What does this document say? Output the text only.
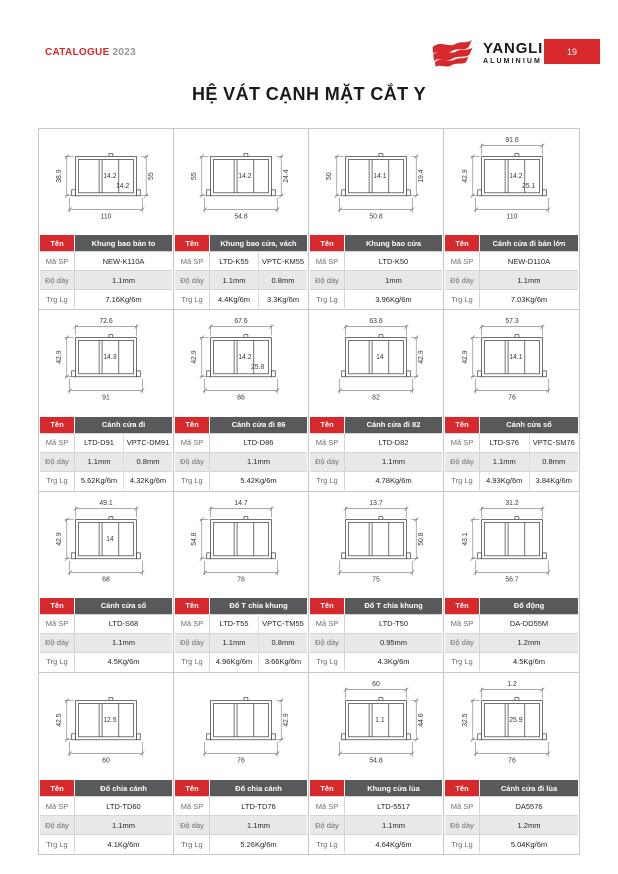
CATALOGUE 2023	YANGLI
ALUMINIUM
19
HỆ VÁT CẠNH MẶT CẮT Y
110
38.9	55
14.2
14.2
Tên	Khung bao bản to
Mã SP	NEW-K110A
Độ dày	1.1mm
Trg Lg	7.16Kg/6m
54.8
55	24.4
14.2
Tên	Khung bao cửa, vách
Mã SP	LTD-K55	VPTC-KM55
Độ dày	1.1mm	0.8mm
Trg Lg	4.4Kg/6m	3.3Kg/6m
50.8
50	19.4
14.1
Tên	Khung bao cửa
Mã SP	LTD-K50
Độ dày	1mm
Trg Lg	3.96Kg/6m
110
91.6
42.9	14.2
25.1
Tên	Cánh cửa đi bản lớn
Mã SP	NEW-D110A
Độ dày	1.1mm
Trg Lg	7.03Kg/6m
91
72.6
42.9	14.3
Tên	Cánh cửa đi
Mã SP	LTD-D91	VPTC-DM91
Độ dày	1.1mm	0.8mm
Trg Lg	5.62Kg/6m	4.32Kg/6m
86
67.6
42.9	14.2
25.8
Tên	Cánh cửa đi 86
Mã SP	LTD-D86
Độ dày	1.1mm
Trg Lg	5.42Kg/6m
82
63.6
42.9
14
Tên	Cánh cửa đi 82
Mã SP	LTD-D82
Độ dày	1.1mm
Trg Lg	4.78Kg/6m
76
57.3
42.9	14.1
Tên	Cánh cửa sổ
Mã SP	LTD-S76	VPTC-SM76
Độ dày	1.1mm	0.8mm
Trg Lg	4.93Kg/6m	3.84Kg/6m
68
49.1
42.9	14
Tên	Cánh cửa sổ
Mã SP	LTD-S68
Độ dày	1.1mm
Trg Lg	4.5Kg/6m
76
14.7
54.8
Tên	Đố T chia khung
Mã SP	LTD-T55	VPTC-TM55
Độ dày	1.1mm	0.8mm
Trg Lg	4.96Kg/6m	3.66Kg/6m
75
13.7
50.8
Tên	Đố T chia khung
Mã SP	LTD-T50
Độ dày	0.95mm
Trg Lg	4.3Kg/6m
56.7
31.2
43.1
Tên	Đố động
Mã SP	DA-DD55M
Độ dày	1.2mm
Trg Lg	4.5Kg/6m
60
42.5	12.5
Tên	Đố chia cánh
Mã SP	LTD-TD60
Độ dày	1.1mm
Trg Lg	4.1Kg/6m
76
42.9
Tên	Đố chia cánh
Mã SP	LTD-TD76
Độ dày	1.1mm
Trg Lg	5.26Kg/6m
54.8
60
44.6
1.1
Tên	Khung cửa lùa
Mã SP	LTD-5517
Độ dày	1.1mm
Trg Lg	4.64Kg/6m
76
1.2
32.5	25.9
Tên	Cánh cửa đi lùa
Mã SP	DA5576
Độ dày	1.2mm
Trg Lg	5.04Kg/6m
